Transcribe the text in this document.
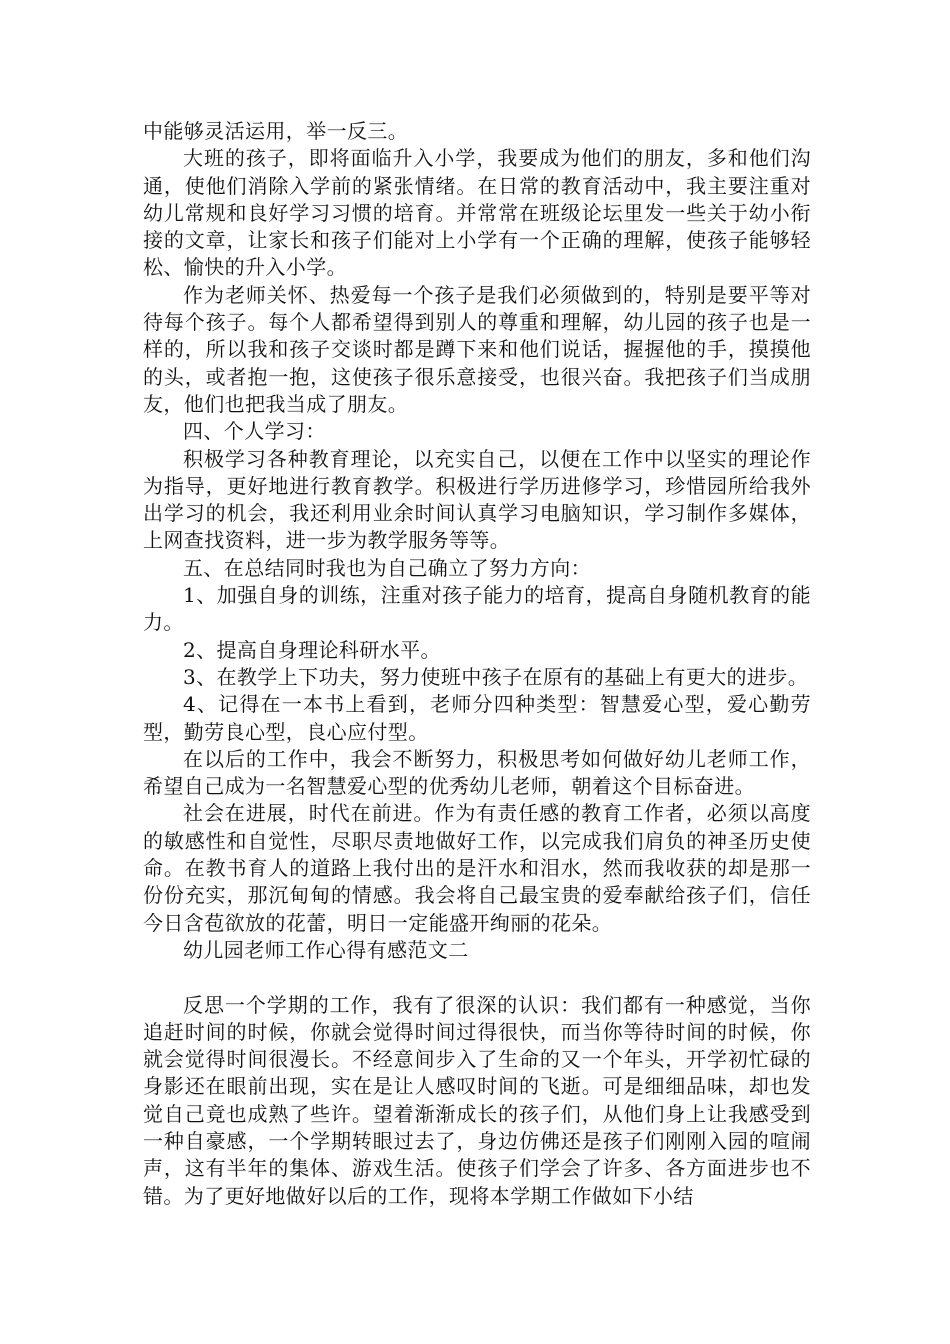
中能够灵活运用，举一反三。

大班的孩子，即将面临升入小学，我要成为他们的朋友，多和他们沟通，使他们消除入学前的紧张情绪。在日常的教育活动中，我主要注重对幼儿常规和良好学习习惯的培育。并常常在班级论坛里发一些关于幼小衔接的文章，让家长和孩子们能对上小学有一个正确的理解，使孩子能够轻松、愉快的升入小学。

作为老师关怀、热爱每一个孩子是我们必须做到的，特别是要平等对待每个孩子。每个人都希望得到别人的尊重和理解，幼儿园的孩子也是一样的，所以我和孩子交谈时都是蹲下来和他们说话，握握他的手，摸摸他的头，或者抱一抱，这使孩子很乐意接受，也很兴奋。我把孩子们当成朋友，他们也把我当成了朋友。

四、个人学习：

积极学习各种教育理论，以充实自己，以便在工作中以坚实的理论作为指导，更好地进行教育教学。积极进行学历进修学习，珍惜园所给我外出学习的机会，我还利用业余时间认真学习电脑知识，学习制作多媒体，上网查找资料，进一步为教学服务等等。

五、在总结同时我也为自己确立了努力方向：

1、加强自身的训练，注重对孩子能力的培育，提高自身随机教育的能力。

2、提高自身理论科研水平。

3、在教学上下功夫，努力使班中孩子在原有的基础上有更大的进步。

4、记得在一本书上看到，老师分四种类型：智慧爱心型，爱心勤劳型，勤劳良心型，良心应付型。

在以后的工作中，我会不断努力，积极思考如何做好幼儿老师工作，希望自己成为一名智慧爱心型的优秀幼儿老师，朝着这个目标奋进。

社会在进展，时代在前进。作为有责任感的教育工作者，必须以高度的敏感性和自觉性，尽职尽责地做好工作，以完成我们肩负的神圣历史使命。在教书育人的道路上我付出的是汗水和泪水，然而我收获的却是那一份份充实，那沉甸甸的情感。我会将自己最宝贵的爱奉献给孩子们，信任今日含苞欲放的花蕾，明日一定能盛开绚丽的花朵。

幼儿园老师工作心得有感范文二

反思一个学期的工作，我有了很深的认识：我们都有一种感觉，当你追赶时间的时候，你就会觉得时间过得很快，而当你等待时间的时候，你就会觉得时间很漫长。不经意间步入了生命的又一个年头，开学初忙碌的身影还在眼前出现，实在是让人感叹时间的飞逝。可是细细品味，却也发觉自己竟也成熟了些许。望着渐渐成长的孩子们，从他们身上让我感受到一种自豪感，一个学期转眼过去了，身边仿佛还是孩子们刚刚入园的喧闹声，这有半年的集体、游戏生活。使孩子们学会了许多、各方面进步也不错。为了更好地做好以后的工作，现将本学期工作做如下小结
